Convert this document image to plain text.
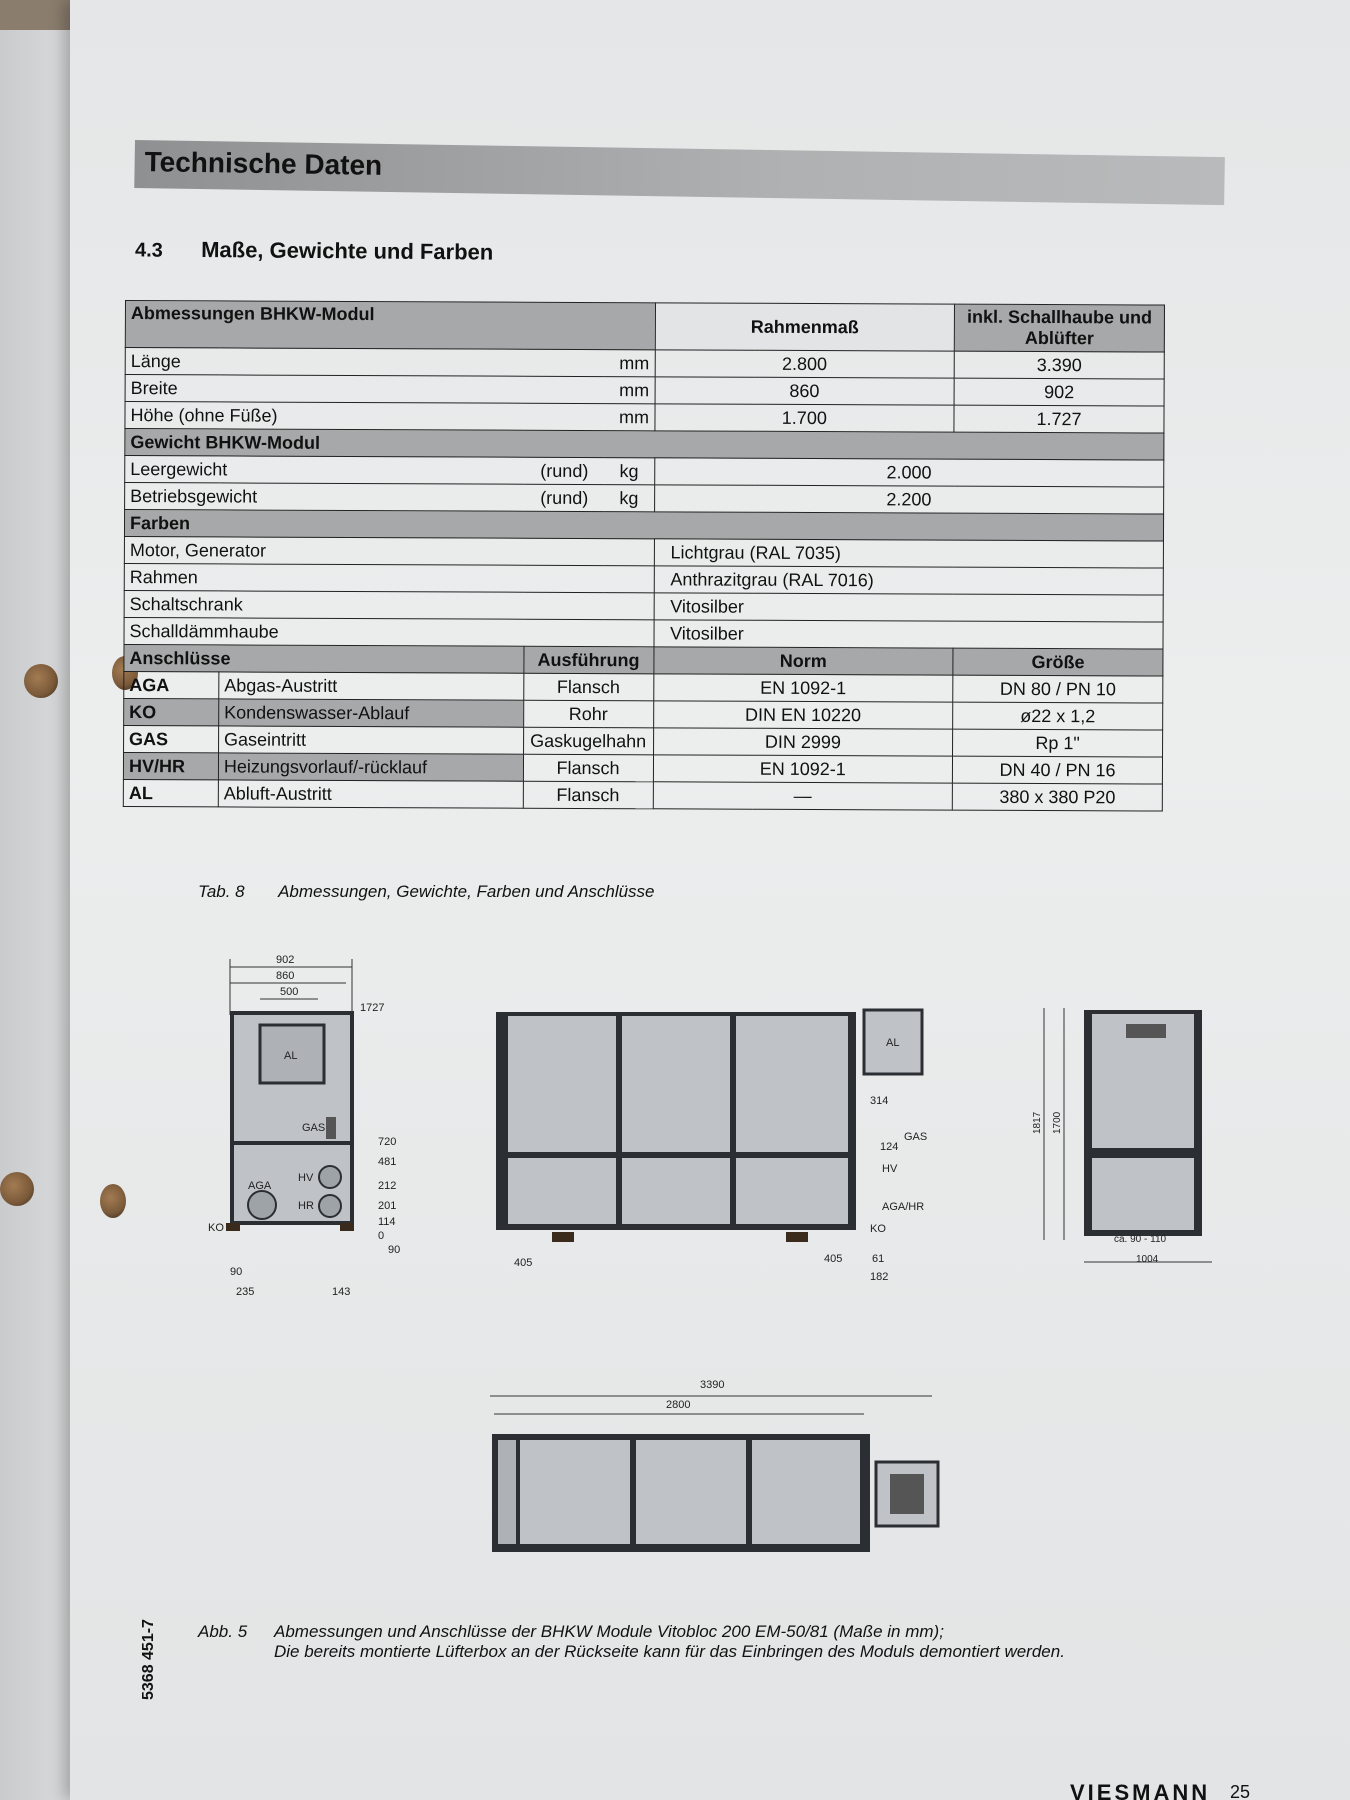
Technische Daten
4.3 Maße, Gewichte und Farben
Abmessungen BHKW-Modul				Rahmenmaß	inkl. Schallhaube und Ablüfter

Länge		mm		2.800	3.390
Breite		mm		860	902
Höhe (ohne Füße)		mm		1.700	1.727
Gewicht BHKW-Modul					
Leergewicht		(rund)	kg	2.000	
Betriebsgewicht		(rund)	kg	2.200	
Farben					
Motor, Generator				Lichtgrau (RAL 7035)	
Rahmen				Anthrazitgrau (RAL 7016)	
Schaltschrank				Vitosilber	
Schalldämmhaube				Vitosilber	
Anschlüsse		Ausführung		Norm	Größe
AGA	Abgas-Austritt	Flansch		EN 1092-1	DN 80 / PN 10
KO	Kondenswasser-Ablauf	Rohr		DIN EN 10220	ø22 x 1,2
GAS	Gaseintritt	Gaskugelhahn		DIN 2999	Rp 1"
HV/HR	Heizungsvorlauf/-rücklauf	Flansch		EN 1092-1	DN 40 / PN 16
AL	Abluft-Austritt	Flansch		—	380 x 380 P20
Tab. 8 Abmessungen, Gewichte, Farben und Anschlüsse
902
860
500
1727
720
481
212
201
114
0
90
90
235	143
AL
GAS
HV
HR
AGA
KO
405	405	61
182
314
124
AL
GAS
HV
AGA/HR
KO
1817 1700
ca. 90 - 110
1004
3390
2800
Abb. 5 Abmessungen und Anschlüsse der BHKW Module Vitobloc 200 EM-50/81 (Maße in mm);
Die bereits montierte Lüfterbox an der Rückseite kann für das Einbringen des Moduls demontiert werden.
5368 451-7
VIESMANN 25
